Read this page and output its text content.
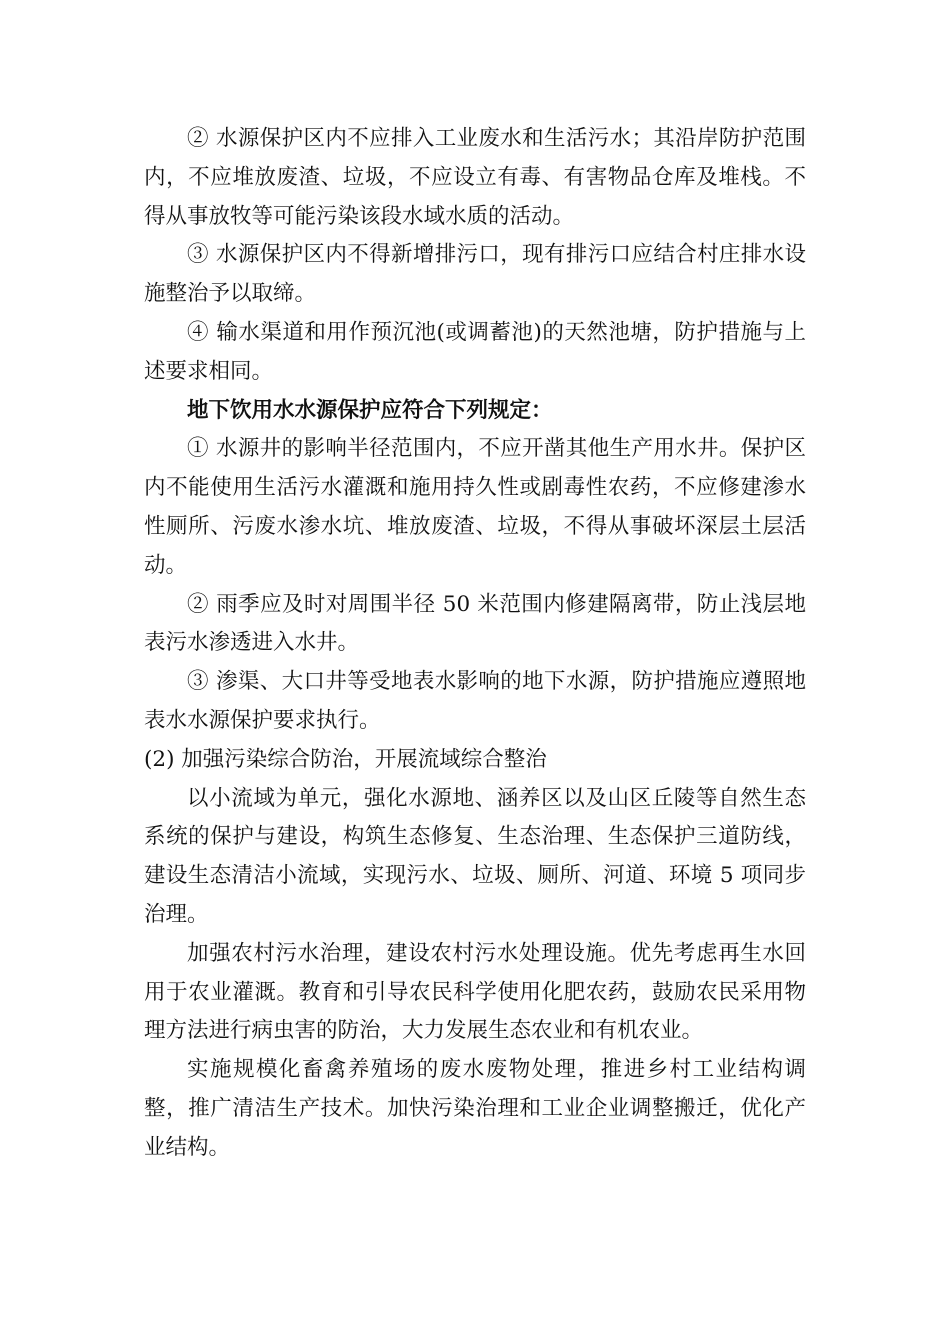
② 水源保护区内不应排入工业废水和生活污水；其沿岸防护范围内，不应堆放废渣、垃圾，不应设立有毒、有害物品仓库及堆栈。不得从事放牧等可能污染该段水域水质的活动。

③ 水源保护区内不得新增排污口，现有排污口应结合村庄排水设施整治予以取缔。

④ 输水渠道和用作预沉池(或调蓄池)的天然池塘，防护措施与上述要求相同。

地下饮用水水源保护应符合下列规定：

① 水源井的影响半径范围内，不应开凿其他生产用水井。保护区内不能使用生活污水灌溉和施用持久性或剧毒性农药，不应修建渗水性厕所、污废水渗水坑、堆放废渣、垃圾，不得从事破坏深层土层活动。

② 雨季应及时对周围半径 50 米范围内修建隔离带，防止浅层地表污水渗透进入水井。

③ 渗渠、大口井等受地表水影响的地下水源，防护措施应遵照地表水水源保护要求执行。

(2) 加强污染综合防治，开展流域综合整治

以小流域为单元，强化水源地、涵养区以及山区丘陵等自然生态系统的保护与建设，构筑生态修复、生态治理、生态保护三道防线，建设生态清洁小流域，实现污水、垃圾、厕所、河道、环境 5 项同步治理。

加强农村污水治理，建设农村污水处理设施。优先考虑再生水回用于农业灌溉。教育和引导农民科学使用化肥农药，鼓励农民采用物理方法进行病虫害的防治，大力发展生态农业和有机农业。

实施规模化畜禽养殖场的废水废物处理，推进乡村工业结构调整，推广清洁生产技术。加快污染治理和工业企业调整搬迁，优化产业结构。
